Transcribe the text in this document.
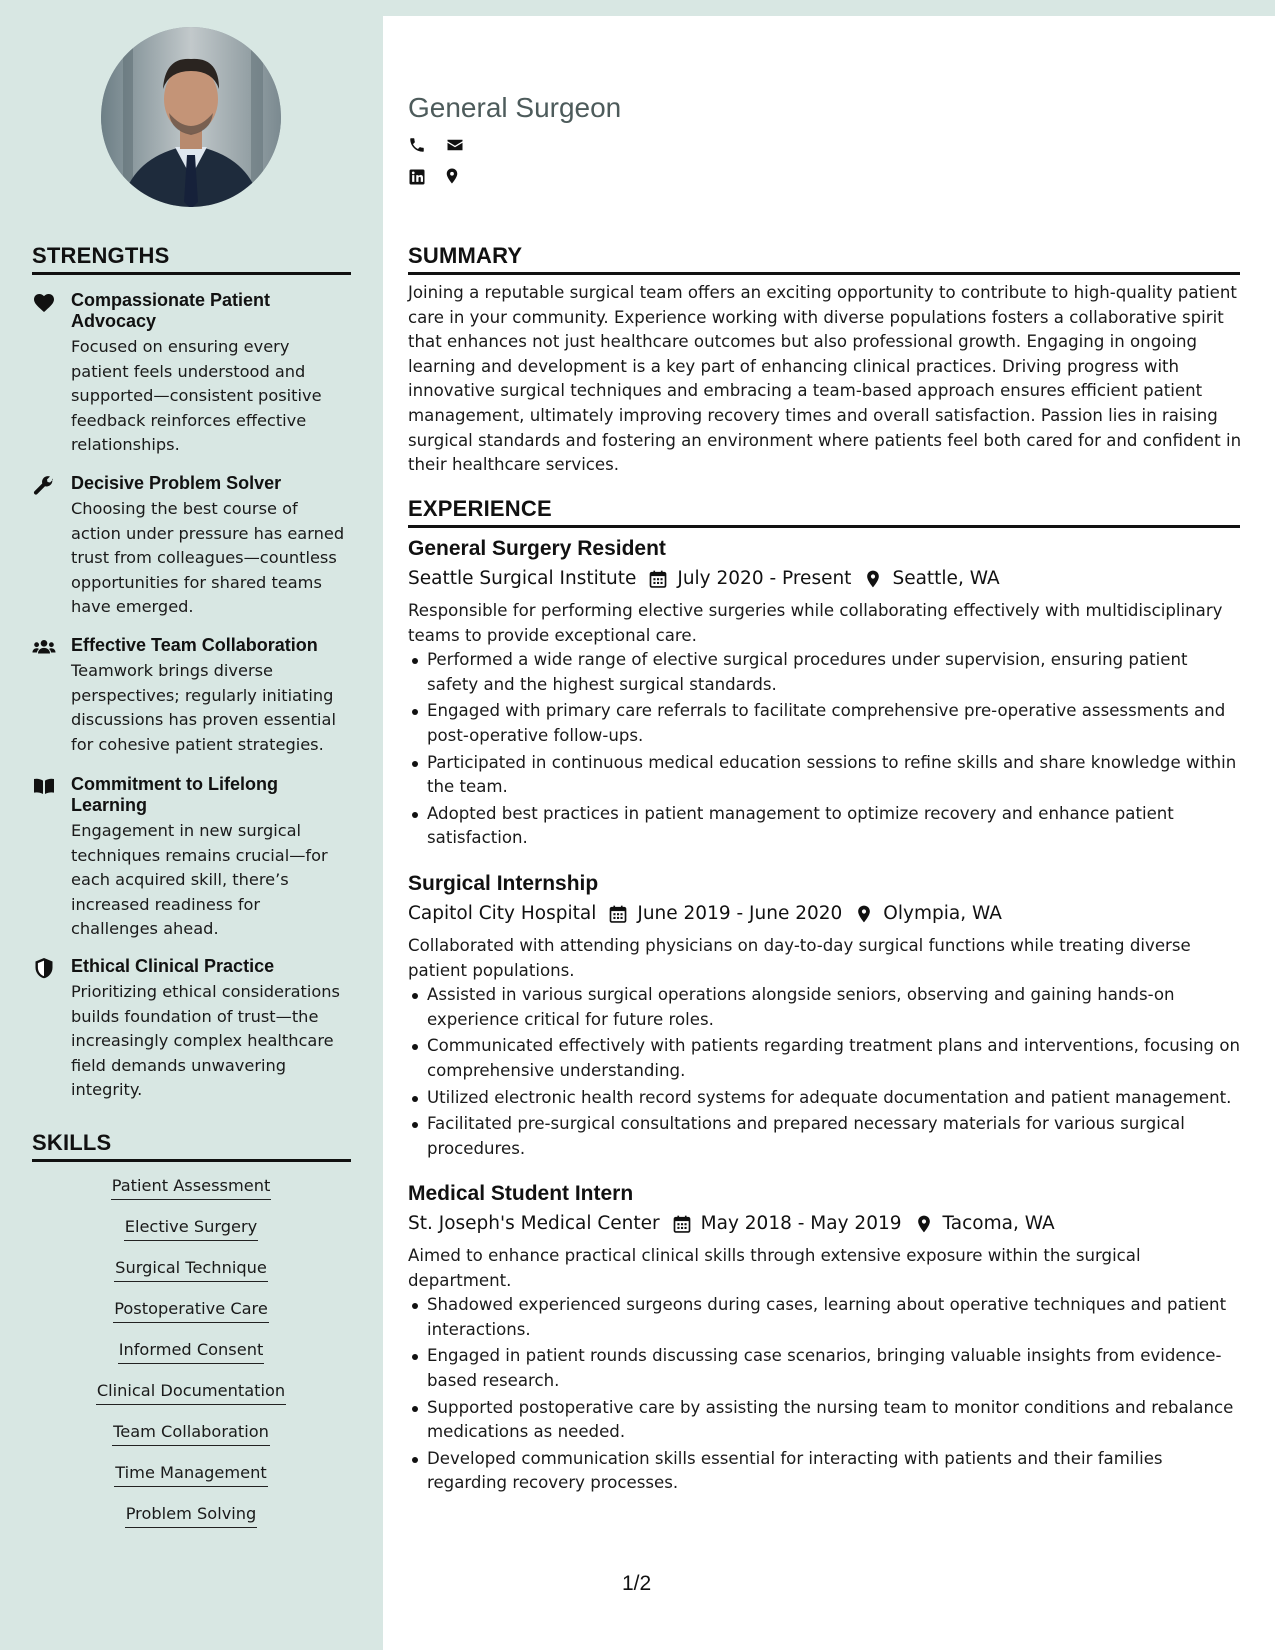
General Surgeon
STRENGTHS
Compassionate Patient Advocacy
Focused on ensuring every patient feels understood and supported—consistent positive feedback reinforces effective relationships.
Decisive Problem Solver
Choosing the best course of action under pressure has earned trust from colleagues—countless opportunities for shared teams have emerged.
Effective Team Collaboration
Teamwork brings diverse perspectives; regularly initiating discussions has proven essential for cohesive patient strategies.
Commitment to Lifelong Learning
Engagement in new surgical techniques remains crucial—for each acquired skill, there’s increased readiness for challenges ahead.
Ethical Clinical Practice
Prioritizing ethical considerations builds foundation of trust—the increasingly complex healthcare field demands unwavering integrity.
SKILLS
Patient Assessment
Elective Surgery
Surgical Technique
Postoperative Care
Informed Consent
Clinical Documentation
Team Collaboration
Time Management
Problem Solving
SUMMARY
Joining a reputable surgical team offers an exciting opportunity to contribute to high-quality patient care in your community. Experience working with diverse populations fosters a collaborative spirit that enhances not just healthcare outcomes but also professional growth. Engaging in ongoing learning and development is a key part of enhancing clinical practices. Driving progress with innovative surgical techniques and embracing a team-based approach ensures efficient patient management, ultimately improving recovery times and overall satisfaction. Passion lies in raising surgical standards and fostering an environment where patients feel both cared for and confident in their healthcare services.
EXPERIENCE
General Surgery Resident
Seattle Surgical Institute July 2020 - Present Seattle, WA
Responsible for performing elective surgeries while collaborating effectively with multidisciplinary teams to provide exceptional care.
Performed a wide range of elective surgical procedures under supervision, ensuring patient safety and the highest surgical standards.
Engaged with primary care referrals to facilitate comprehensive pre-operative assessments and post-operative follow-ups.
Participated in continuous medical education sessions to refine skills and share knowledge within the team.
Adopted best practices in patient management to optimize recovery and enhance patient satisfaction.
Surgical Internship
Capitol City Hospital June 2019 - June 2020 Olympia, WA
Collaborated with attending physicians on day-to-day surgical functions while treating diverse patient populations.
Assisted in various surgical operations alongside seniors, observing and gaining hands-on experience critical for future roles.
Communicated effectively with patients regarding treatment plans and interventions, focusing on comprehensive understanding.
Utilized electronic health record systems for adequate documentation and patient management.
Facilitated pre-surgical consultations and prepared necessary materials for various surgical procedures.
Medical Student Intern
St. Joseph's Medical Center May 2018 - May 2019 Tacoma, WA
Aimed to enhance practical clinical skills through extensive exposure within the surgical department.
Shadowed experienced surgeons during cases, learning about operative techniques and patient interactions.
Engaged in patient rounds discussing case scenarios, bringing valuable insights from evidence-based research.
Supported postoperative care by assisting the nursing team to monitor conditions and rebalance medications as needed.
Developed communication skills essential for interacting with patients and their families regarding recovery processes.
1/2
